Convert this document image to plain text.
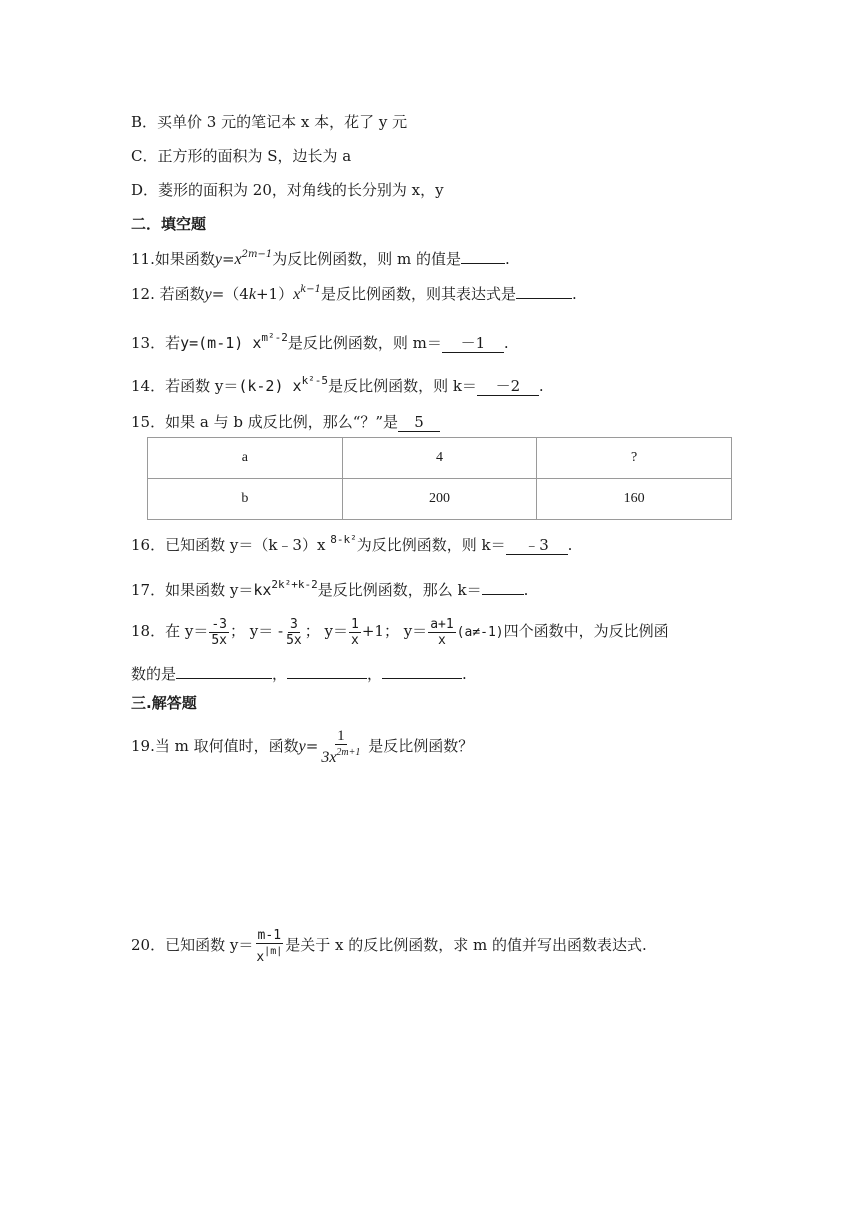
B．买单价 3 元的笔记本 x 本，花了 y 元
C．正方形的面积为 S，边长为 a
D．菱形的面积为 20，对角线的长分别为 x，y
二．填空题
11.如果函数$y=x^{2m-1}$为反比例函数，则 m 的值是	.
12. 若函数$y=(4k+1)x^{k-1}$是反比例函数，则其表达式是	.
13．若y=(m-1) $x^{m^2-2}$是反比例函数，则 m＝ －1 .
14．若函数 y＝(k-2) $x^{k^2-5}$是反比例函数，则 k＝ －2 .
15．如果 a 与 b 成反比例，那么“？”是 5
a	4	?
b	200	160
16．已知函数 y＝（k﹣3）x $^{8-k^2}$为反比例函数，则 k＝ ﹣3 .
17．如果函数 $y=kx^{2k^2+k-2}$是反比例函数，那么 k＝	.
18．在 $y= \frac{-3}{5x}$ ； $y= - \frac{3}{5x}$ ； $y= \frac{1}{x} +1$； $y= \frac{a+1}{x} (a\ne-1)$四个函数中，为反比例函
数的是	，	，	.
三.解答题
19.当 m 取何值时，函数$y= \frac{1}{3x^{2m+1}}$ 是反比例函数？
20．已知函数 $y= \frac{m-1}{x^{|m|}}$ 是关于 x 的反比例函数，求 m 的值并写出函数表达式.
